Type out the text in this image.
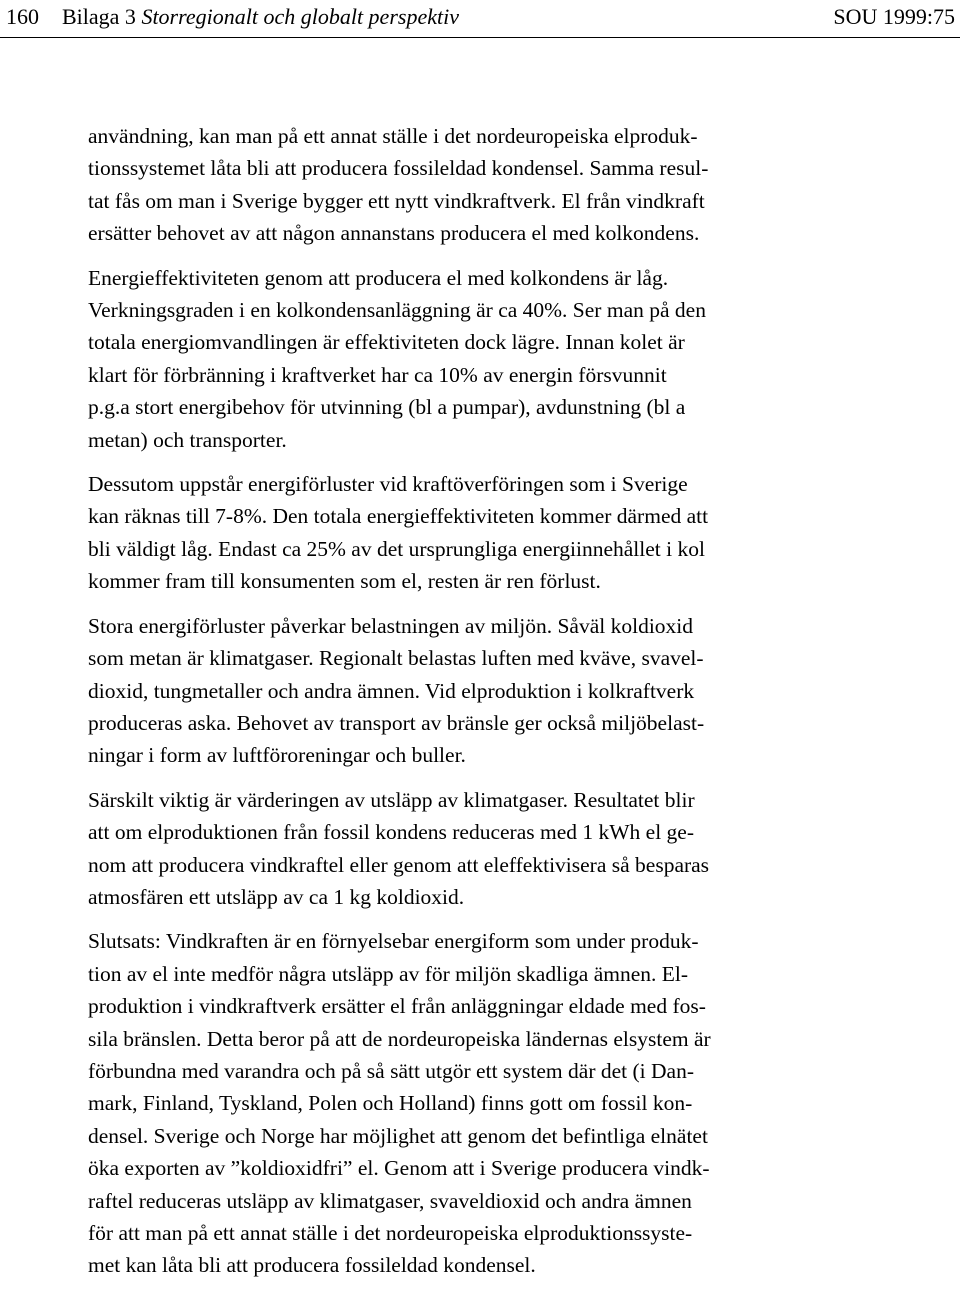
160 Bilaga 3 Storregionalt och globalt perspektiv	SOU 1999:75
användning, kan man på ett annat ställe i det nordeuropeiska elproduk-
tionssystemet låta bli att producera fossileldad kondensel. Samma resul-
tat fås om man i Sverige bygger ett nytt vindkraftverk. El från vindkraft
ersätter behovet av att någon annanstans producera el med kolkondens.
Energieffektiviteten genom att producera el med kolkondens är låg.
Verkningsgraden i en kolkondensanläggning är ca 40%. Ser man på den
totala energiomvandlingen är effektiviteten dock lägre. Innan kolet är
klart för förbränning i kraftverket har ca 10% av energin försvunnit
p.g.a stort energibehov för utvinning (bl a pumpar), avdunstning (bl a
metan) och transporter.
Dessutom uppstår energiförluster vid kraftöverföringen som i Sverige
kan räknas till 7-8%. Den totala energieffektiviteten kommer därmed att
bli väldigt låg. Endast ca 25% av det ursprungliga energiinnehållet i kol
kommer fram till konsumenten som el, resten är ren förlust.
Stora energiförluster påverkar belastningen av miljön. Såväl koldioxid
som metan är klimatgaser. Regionalt belastas luften med kväve, svavel-
dioxid, tungmetaller och andra ämnen. Vid elproduktion i kolkraftverk
produceras aska. Behovet av transport av bränsle ger också miljöbelast-
ningar i form av luftföroreningar och buller.
Särskilt viktig är värderingen av utsläpp av klimatgaser. Resultatet blir
att om elproduktionen från fossil kondens reduceras med 1 kWh el ge-
nom att producera vindkraftel eller genom att eleffektivisera så besparas
atmosfären ett utsläpp av ca 1 kg koldioxid.
Slutsats: Vindkraften är en förnyelsebar energiform som under produk-
tion av el inte medför några utsläpp av för miljön skadliga ämnen. El-
produktion i vindkraftverk ersätter el från anläggningar eldade med fos-
sila bränslen. Detta beror på att de nordeuropeiska ländernas elsystem är
förbundna med varandra och på så sätt utgör ett system där det (i Dan-
mark, Finland, Tyskland, Polen och Holland) finns gott om fossil kon-
densel. Sverige och Norge har möjlighet att genom det befintliga elnätet
öka exporten av ”koldioxidfri” el. Genom att i Sverige producera vindk-
raftel reduceras utsläpp av klimatgaser, svaveldioxid och andra ämnen
för att man på ett annat ställe i det nordeuropeiska elproduktionssyste-
met kan låta bli att producera fossileldad kondensel.
